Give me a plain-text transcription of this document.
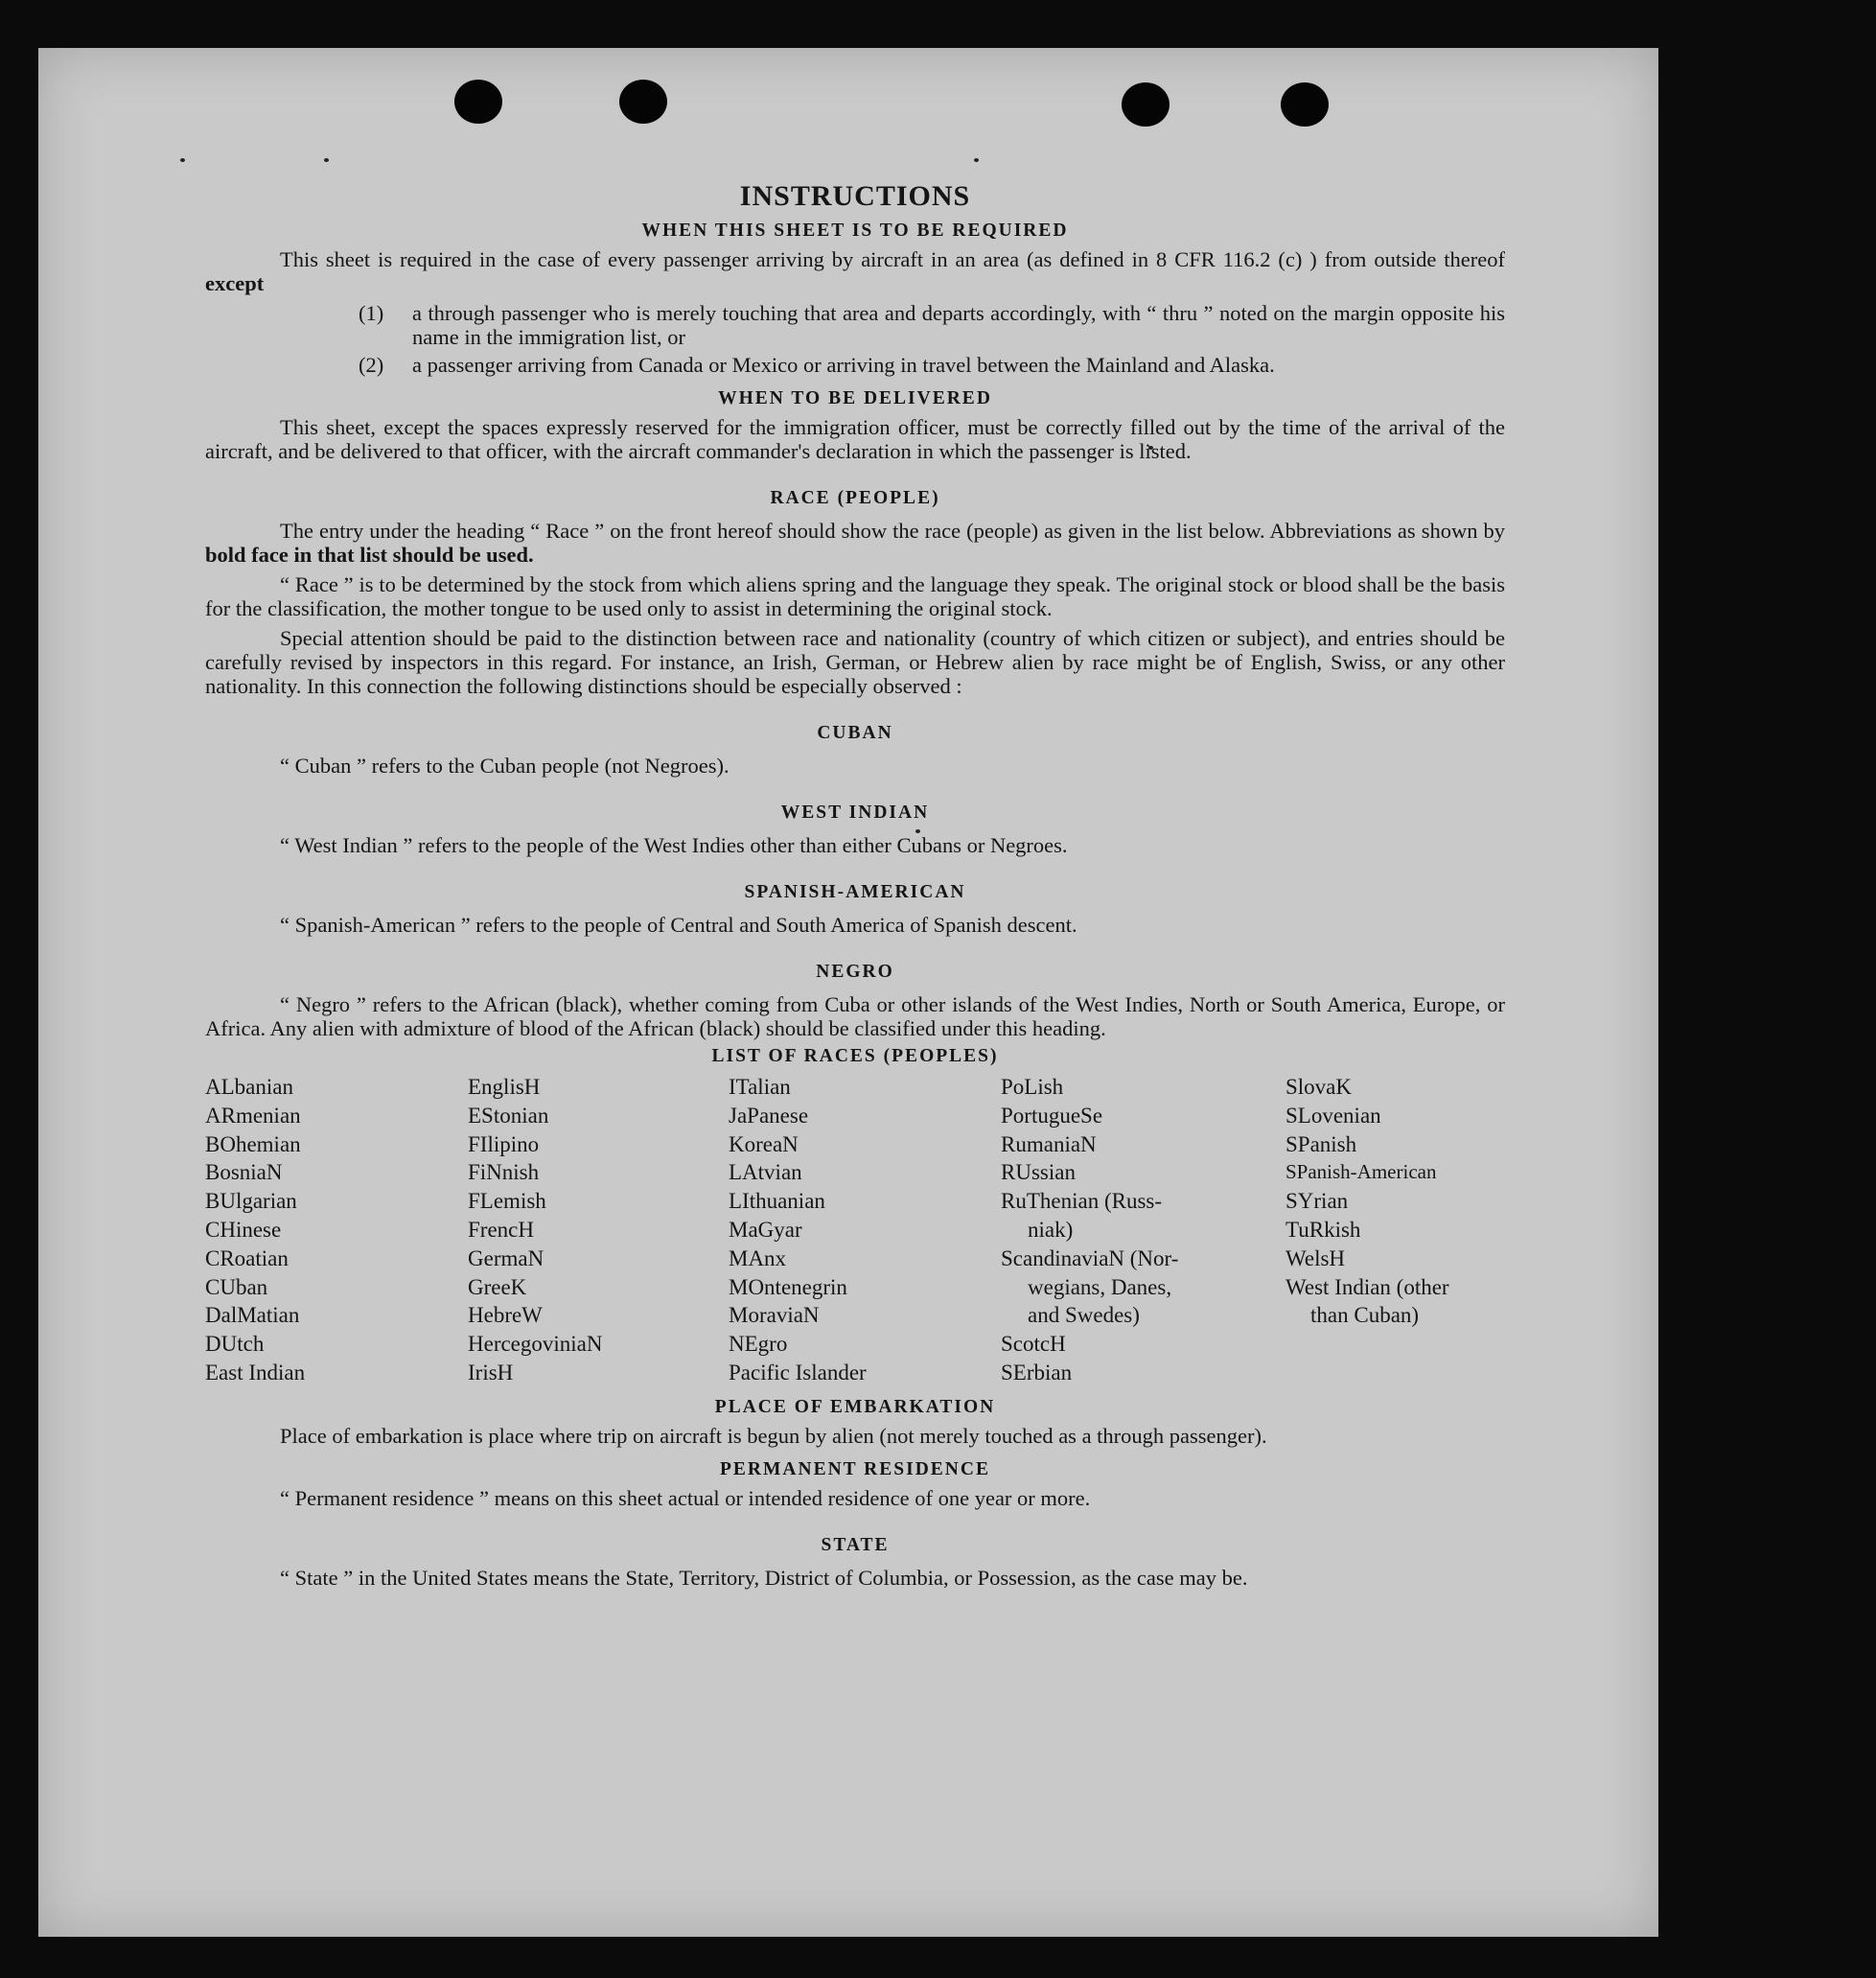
INSTRUCTIONS
WHEN THIS SHEET IS TO BE REQUIRED

This sheet is required in the case of every passenger arriving by aircraft in an area (as defined in 8 CFR 116.2 (c) ) from outside thereof except

(1)	a through passenger who is merely touching that area and departs accordingly, with “ thru ” noted on the margin opposite his name in the immigration list, or
(2)	a passenger arriving from Canada or Mexico or arriving in travel between the Mainland and Alaska.
WHEN TO BE DELIVERED

This sheet, except the spaces expressly reserved for the immigration officer, must be correctly filled out by the time of the arrival of the aircraft, and be delivered to that officer, with the aircraft commander's declaration in which the passenger is listed.

RACE (PEOPLE)

The entry under the heading “ Race ” on the front hereof should show the race (people) as given in the list below. Abbreviations as shown by bold face in that list should be used.

“ Race ” is to be determined by the stock from which aliens spring and the language they speak. The original stock or blood shall be the basis for the classification, the mother tongue to be used only to assist in determining the original stock.

Special attention should be paid to the distinction between race and nationality (country of which citizen or subject), and entries should be carefully revised by inspectors in this regard. For instance, an Irish, German, or Hebrew alien by race might be of English, Swiss, or any other nationality. In this connection the following distinctions should be especially observed :

CUBAN

“ Cuban ” refers to the Cuban people (not Negroes).

WEST INDIAN

“ West Indian ” refers to the people of the West Indies other than either Cubans or Negroes.

SPANISH-AMERICAN

“ Spanish-American ” refers to the people of Central and South America of Spanish descent.

NEGRO

“ Negro ” refers to the African (black), whether coming from Cuba or other islands of the West Indies, North or South America, Europe, or Africa. Any alien with admixture of blood of the African (black) should be classified under this heading.

LIST OF RACES (PEOPLES)
ALbanian
ARmenian
BOhemian
BosniaN
BUlgarian
CHinese
CRoatian
CUban
DalMatian
DUtch
East Indian
EnglisH
EStonian
FIlipino
FiNnish
FLemish
FrencH
GermaN
GreeK
HebreW
HercegoviniaN
IrisH
ITalian
JaPanese
KoreaN
LAtvian
LIthuanian
MaGyar
MAnx
MOntenegrin
MoraviaN
NEgro
Pacific Islander
PoLish
PortugueSe
RumaniaN
RUssian
RuThenian (Russ-
niak)
ScandinaviaN (Nor-
wegians, Danes,
and Swedes)
ScotcH
SErbian
SlovaK
SLovenian
SPanish
SPanish-American
SYrian
TuRkish
WelsH
West Indian (other
than Cuban)
PLACE OF EMBARKATION

Place of embarkation is place where trip on aircraft is begun by alien (not merely touched as a through passenger).

PERMANENT RESIDENCE

“ Permanent residence ” means on this sheet actual or intended residence of one year or more.

STATE

“ State ” in the United States means the State, Territory, District of Columbia, or Possession, as the case may be.
